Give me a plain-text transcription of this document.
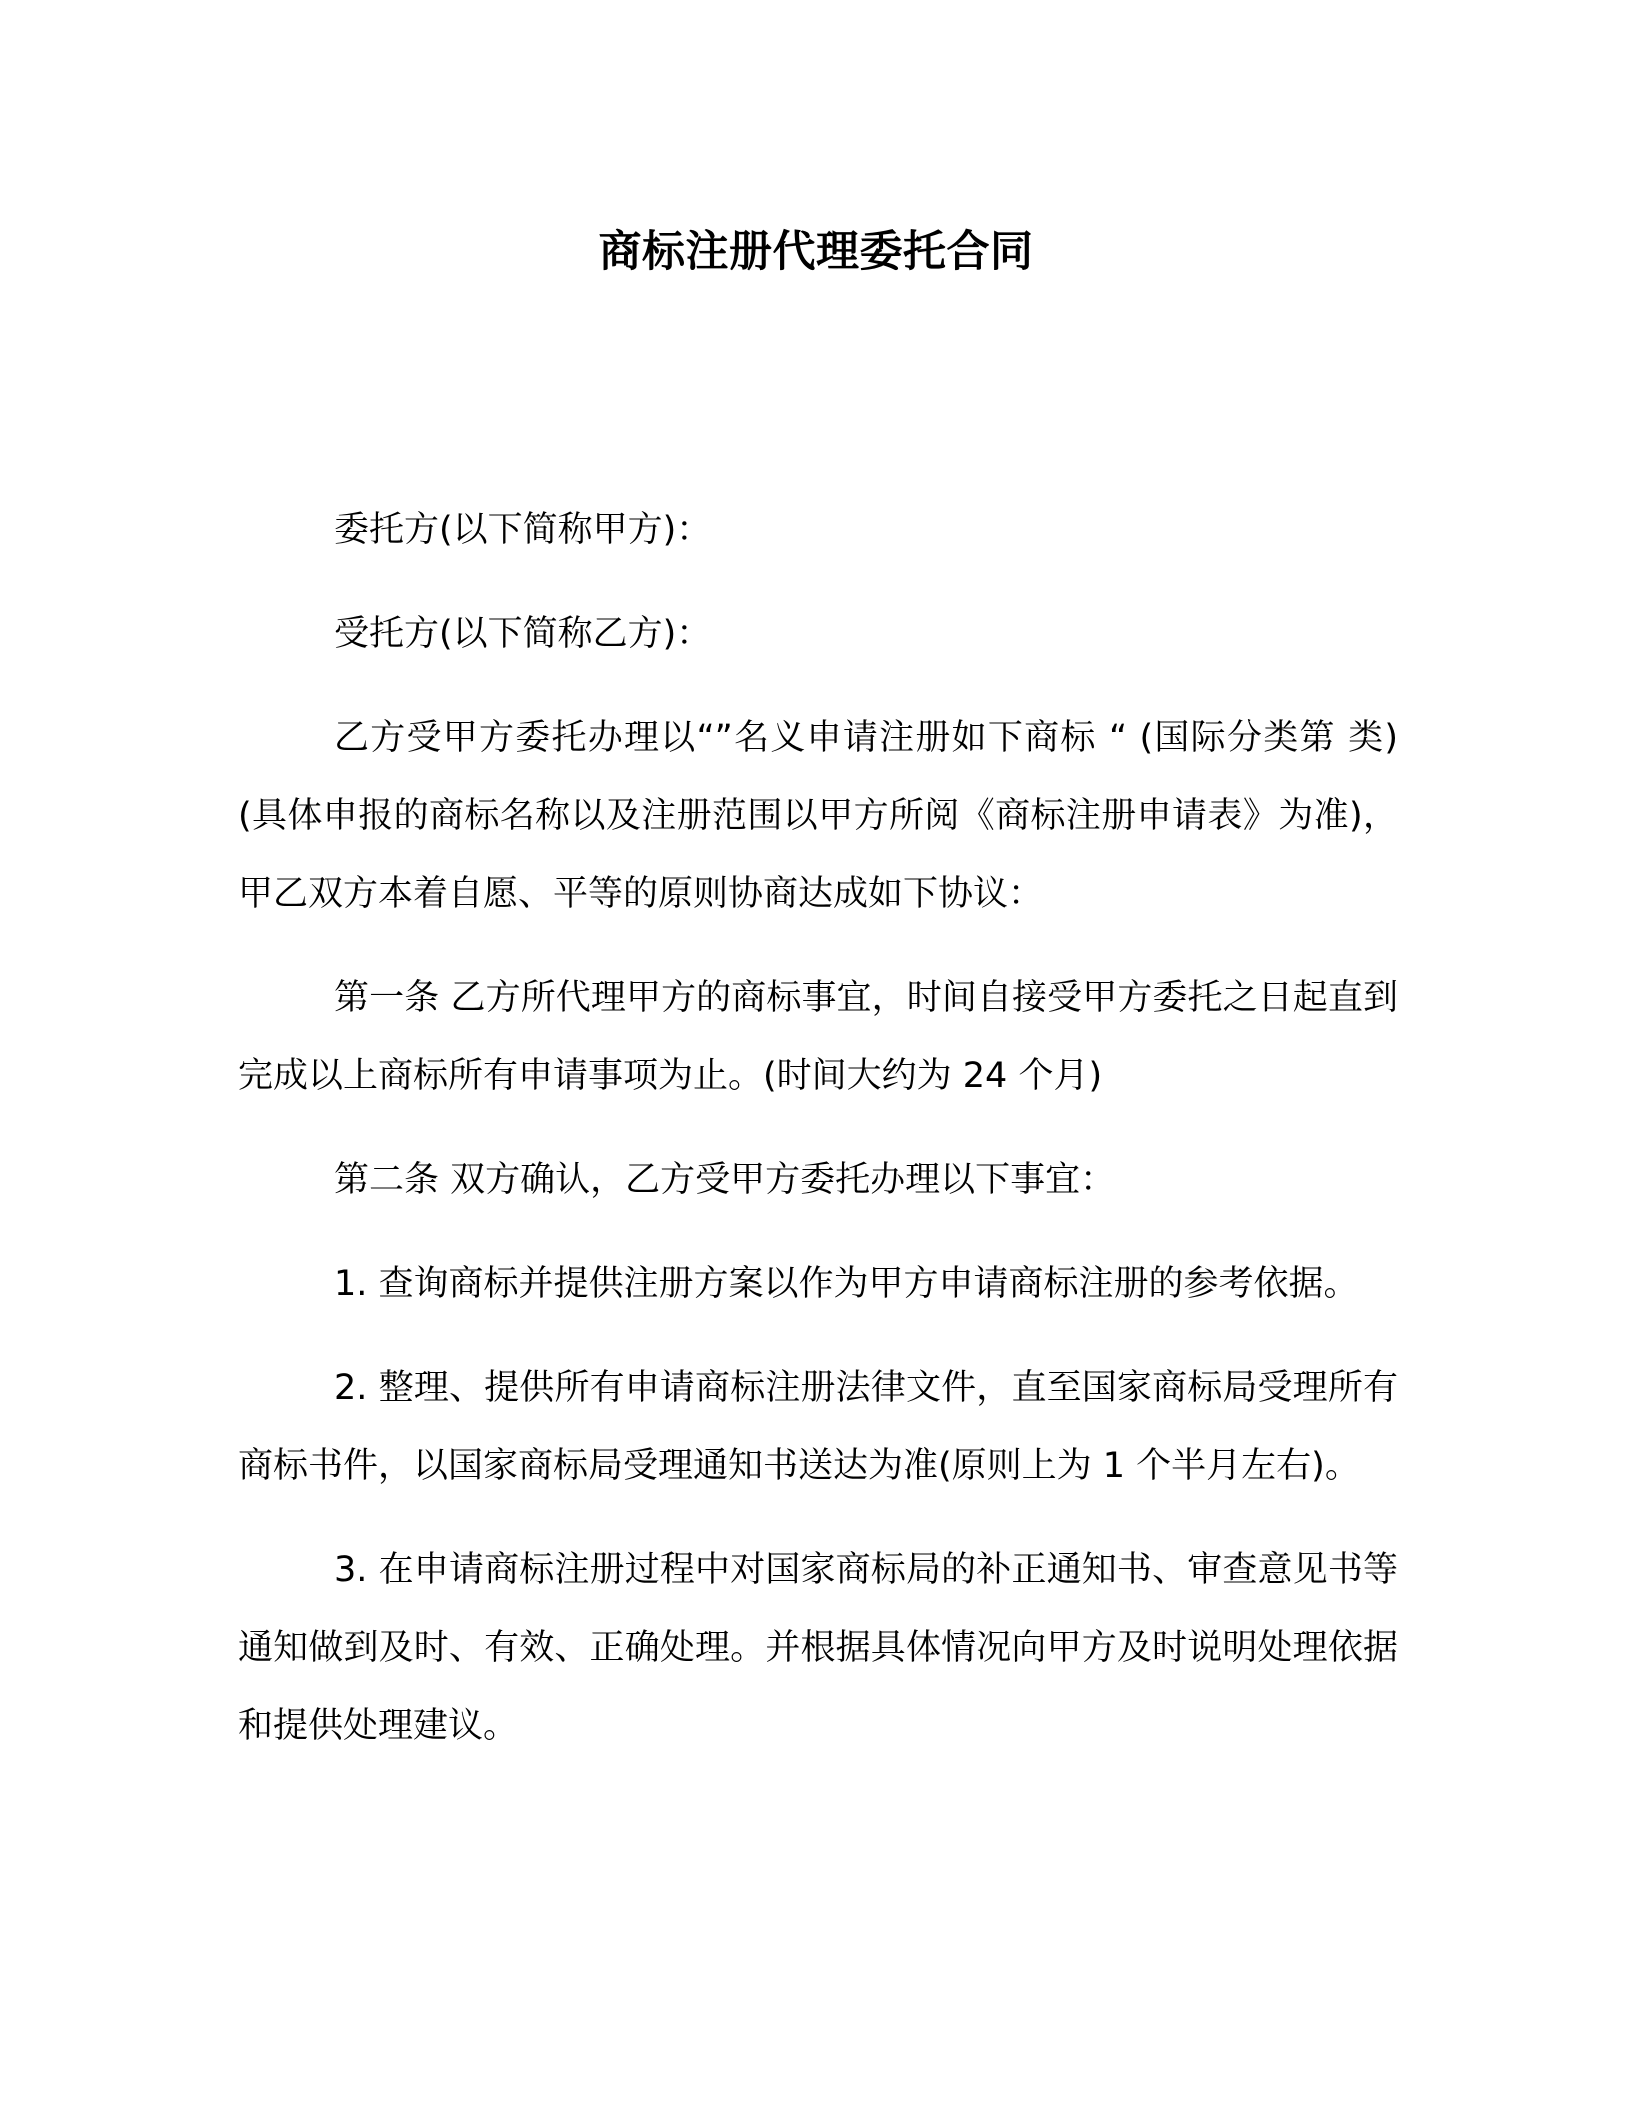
商标注册代理委托合同

委托方(以下简称甲方)：

受托方(以下简称乙方)：

乙方受甲方委托办理以“”名义申请注册如下商标 “ (国际分类第 类) (具体申报的商标名称以及注册范围以甲方所阅《商标注册申请表》为准)，甲乙双方本着自愿、平等的原则协商达成如下协议：

第一条 乙方所代理甲方的商标事宜，时间自接受甲方委托之日起直到完成以上商标所有申请事项为止。(时间大约为 24 个月)

第二条 双方确认，乙方受甲方委托办理以下事宜：

1. 查询商标并提供注册方案以作为甲方申请商标注册的参考依据。

2. 整理、提供所有申请商标注册法律文件，直至国家商标局受理所有商标书件，以国家商标局受理通知书送达为准(原则上为 1 个半月左右)。

3. 在申请商标注册过程中对国家商标局的补正通知书、审查意见书等通知做到及时、有效、正确处理。并根据具体情况向甲方及时说明处理依据和提供处理建议。
